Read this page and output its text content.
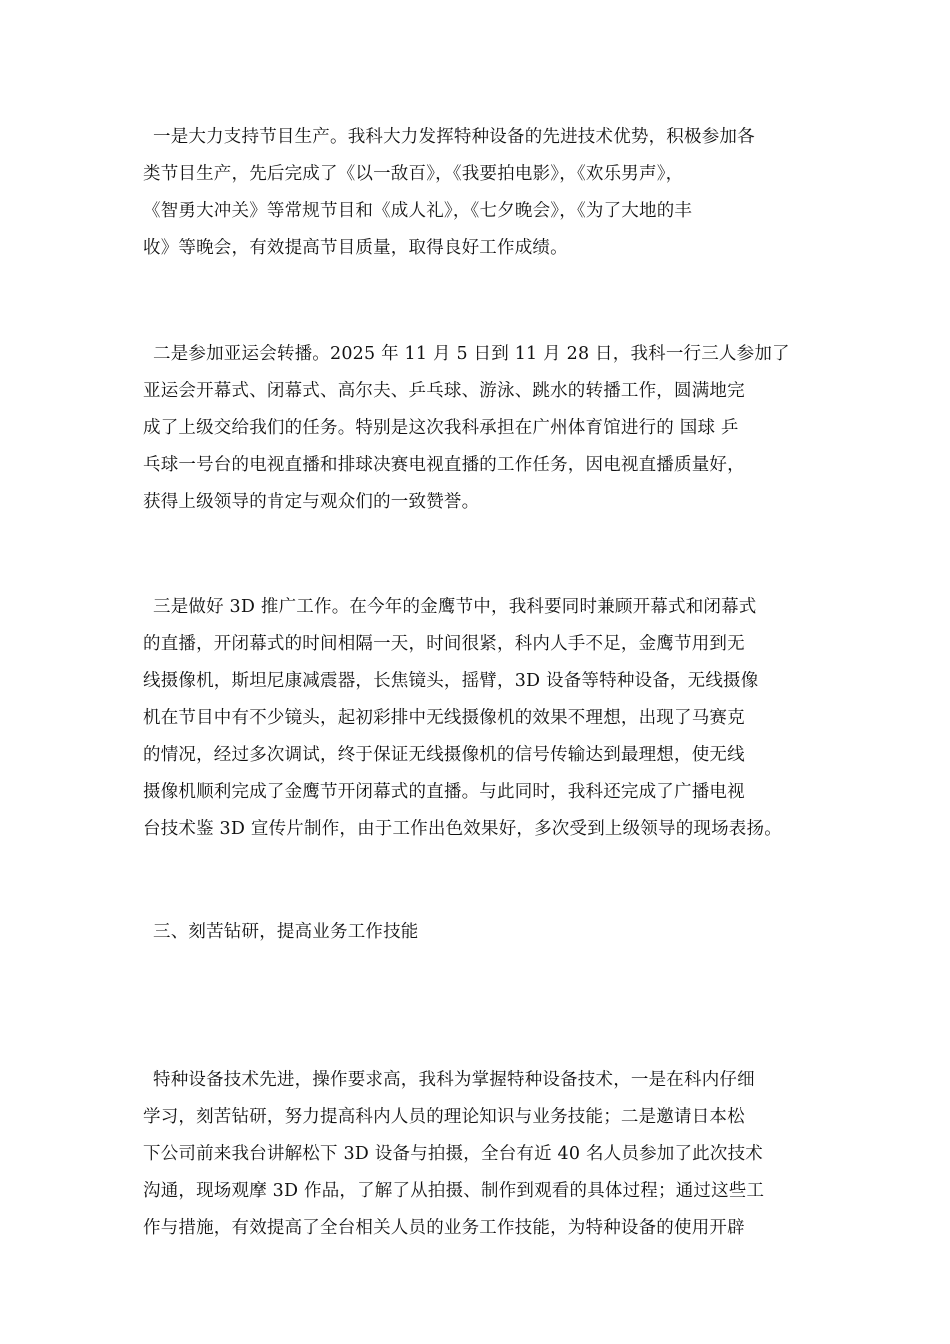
一是大力支持节目生产。我科大力发挥特种设备的先进技术优势，积极参加各
类节目生产，先后完成了《以一敌百》，《我要拍电影》，《欢乐男声》，
《智勇大冲关》等常规节目和《成人礼》，《七夕晚会》，《为了大地的丰
收》等晚会，有效提高节目质量，取得良好工作成绩。
二是参加亚运会转播。2025 年 11 月 5 日到 11 月 28 日，我科一行三人参加了
亚运会开幕式、闭幕式、高尔夫、乒乓球、游泳、跳水的转播工作，圆满地完
成了上级交给我们的任务。特别是这次我科承担在广州体育馆进行的 国球 乒
乓球一号台的电视直播和排球决赛电视直播的工作任务，因电视直播质量好，
获得上级领导的肯定与观众们的一致赞誉。
三是做好 3D 推广工作。在今年的金鹰节中，我科要同时兼顾开幕式和闭幕式
的直播，开闭幕式的时间相隔一天，时间很紧，科内人手不足，金鹰节用到无
线摄像机，斯坦尼康减震器，长焦镜头，摇臂，3D 设备等特种设备，无线摄像
机在节目中有不少镜头，起初彩排中无线摄像机的效果不理想，出现了马赛克
的情况，经过多次调试，终于保证无线摄像机的信号传输达到最理想，使无线
摄像机顺利完成了金鹰节开闭幕式的直播。与此同时，我科还完成了广播电视
台技术鉴 3D 宣传片制作，由于工作出色效果好，多次受到上级领导的现场表扬。
三、刻苦钻研，提高业务工作技能
特种设备技术先进，操作要求高，我科为掌握特种设备技术，一是在科内仔细
学习，刻苦钻研，努力提高科内人员的理论知识与业务技能；二是邀请日本松
下公司前来我台讲解松下 3D 设备与拍摄，全台有近 40 名人员参加了此次技术
沟通，现场观摩 3D 作品，了解了从拍摄、制作到观看的具体过程；通过这些工
作与措施，有效提高了全台相关人员的业务工作技能，为特种设备的使用开辟
